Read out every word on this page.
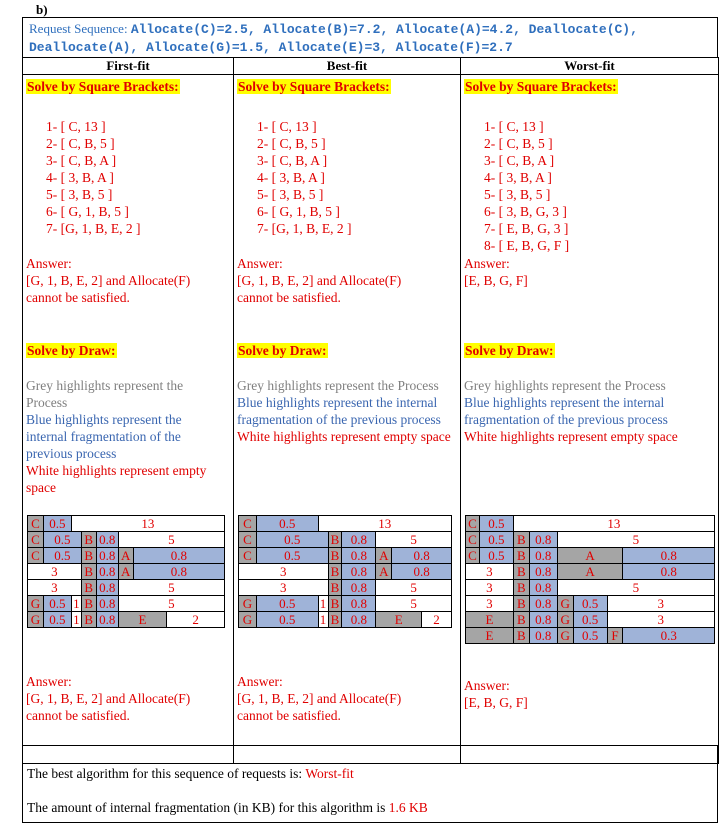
b)
Request Sequence: Allocate(C)=2.5, Allocate(B)=7.2, Allocate(A)=4.2, Deallocate(C),
Deallocate(A), Allocate(G)=1.5, Allocate(E)=3, Allocate(F)=2.7
First-fit	Best-fit	Worst-fit

Solve by Square Brackets:
1- [ C, 13 ]
2- [ C, B, 5 ]
3- [ C, B, A ]
4- [ 3, B, A ]
5- [ 3, B, 5 ]
6- [ G, 1, B, 5 ]
7- [G, 1, B, E, 2 ]
Answer:
[G, 1, B, E, 2] and Allocate(F)
cannot be satisfied.
Solve by Draw:
Grey highlights represent the Process
Blue highlights represent the internal fragmentation of the previous process
White highlights represent empty space
C	0.5	13
C	0.5	B	0.8	5
C	0.5	B	0.8	A	0.8
3	B	0.8	A	0.8
3	B	0.8	5
G	0.5	1	B	0.8	5
G	0.5	1	B	0.8	E	2
Answer:
[G, 1, B, E, 2] and Allocate(F)
cannot be satisfied.

Solve by Square Brackets:
1- [ C, 13 ]
2- [ C, B, 5 ]
3- [ C, B, A ]
4- [ 3, B, A ]
5- [ 3, B, 5 ]
6- [ G, 1, B, 5 ]
7- [G, 1, B, E, 2 ]
Answer:
[G, 1, B, E, 2] and Allocate(F)
cannot be satisfied.
Solve by Draw:
Grey highlights represent the Process
Blue highlights represent the internal fragmentation of the previous process
White highlights represent empty space
C	0.5	13
C	0.5	B	0.8	5
C	0.5	B	0.8	A	0.8
3	B	0.8	A	0.8
3	B	0.8	5
G	0.5	1	B	0.8	5
G	0.5	1	B	0.8	E	2
Answer:
[G, 1, B, E, 2] and Allocate(F)
cannot be satisfied.

Solve by Square Brackets:
1- [ C, 13 ]
2- [ C, B, 5 ]
3- [ C, B, A ]
4- [ 3, B, A ]
5- [ 3, B, 5 ]
6- [ 3, B, G, 3 ]
7- [ E, B, G, 3 ]
8- [ E, B, G, F ]
Answer:
[E, B, G, F]
Solve by Draw:
Grey highlights represent the Process
Blue highlights represent the internal fragmentation of the previous process
White highlights represent empty space
C	0.5	13
C	0.5	B	0.8	5
C	0.5	B	0.8	A	0.8
3	B	0.8	A	0.8
3	B	0.8	5
3	B	0.8	G	0.5	3
E	B	0.8	G	0.5	3
E	B	0.8	G	0.5	F	0.3
Answer:
[E, B, G, F]
The best algorithm for this sequence of requests is: Worst-fit
The amount of internal fragmentation (in KB) for this algorithm is 1.6 KB
